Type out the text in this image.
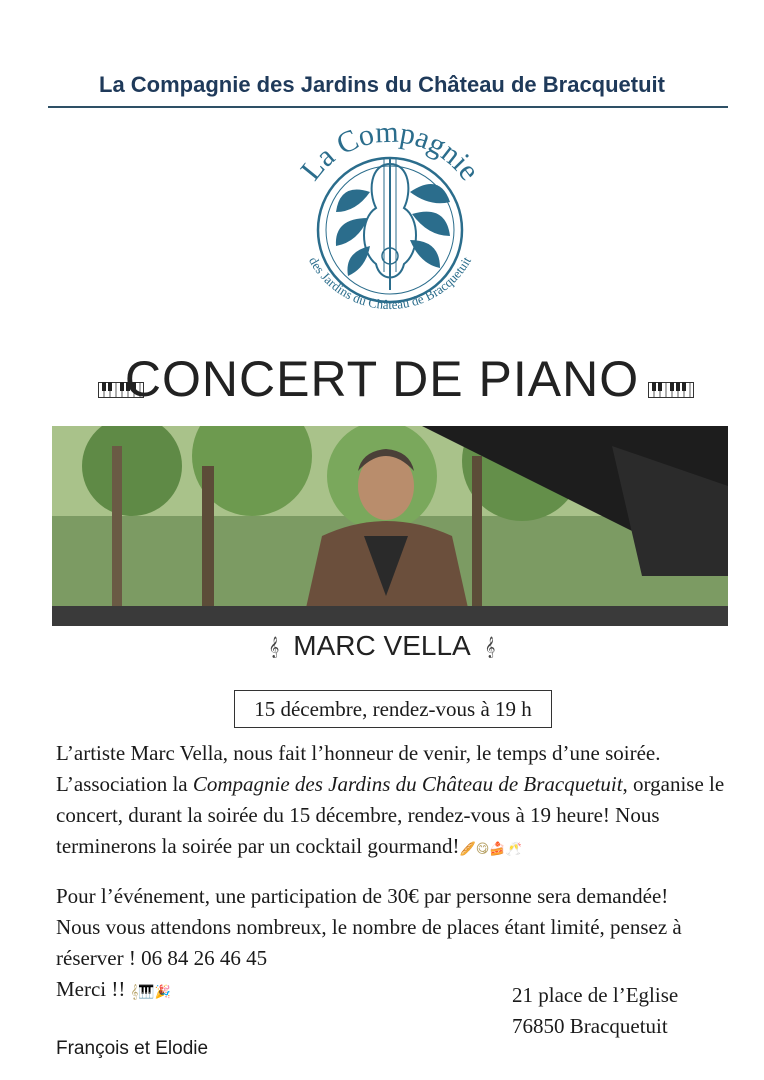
La Compagnie des Jardins du Château de Bracquetuit
La Compagnie
des Jardins du Château de Bracquetuit
CONCERT DE PIANO
𝄞 MARC VELLA 𝄞
15 décembre, rendez-vous à 19 h

L’artiste Marc Vella, nous fait l’honneur de venir, le temps d’une soirée. L’association la Compagnie des Jardins du Château de Bracquetuit, organise le concert, durant la soirée du 15 décembre, rendez-vous à 19 heure! Nous terminerons la soirée par un cocktail gourmand!🥖😋🍰🥂

Pour l’événement, une participation de 30€ par personne sera demandée!
Nous vous attendons nombreux, le nombre de places étant limité, pensez à réserver ! 06 84 26 46 45
Merci !! 𝄞🎹🎉	21 place de l’Eglise
76850 Bracquetuit
François et Elodie
